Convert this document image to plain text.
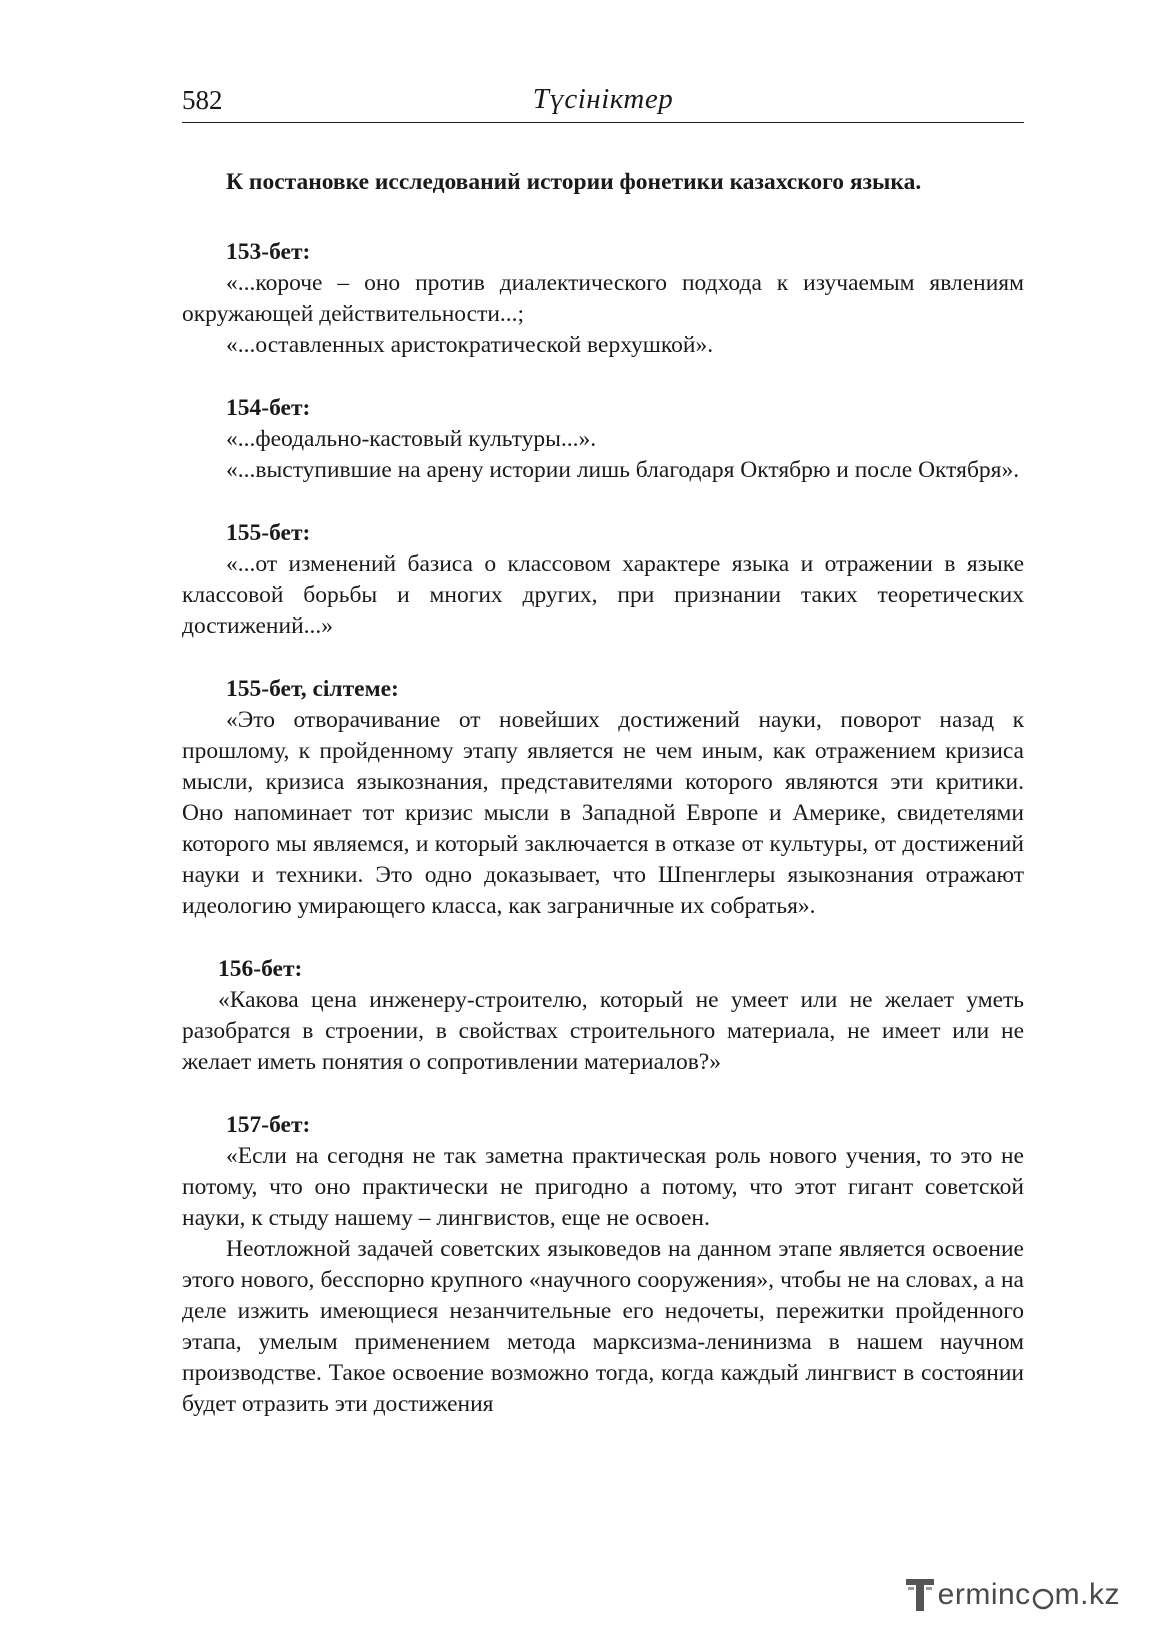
582	Түсініктер
К постановке исследований истории фонетики казахского языка.
153-бет:

«...короче – оно против диалектического подхода к изучаемым явлениям окружающей действительности...;

«...оставленных аристократической верхушкой».

154-бет:

«...феодально-кастовый культуры...».

«...выступившие на арену истории лишь благодаря Октябрю и после Октября».

155-бет:

«...от изменений базиса о классовом характере языка и отражении в языке классовой борьбы и многих других, при признании таких теоретических достижений...»

155-бет, сілтеме:

«Это отворачивание от новейших достижений науки, поворот назад к прошлому, к пройденному этапу является не чем иным, как отражением кризиса мысли, кризиса языкознания, представителями которого являются эти критики. Оно напоминает тот кризис мысли в Западной Европе и Америке, свидетелями которого мы являемся, и который заключается в отказе от культуры, от достижений науки и техники. Это одно доказывает, что Шпенглеры языкознания отражают идеологию умирающего класса, как заграничные их собратья».

156-бет:

«Какова цена инженеру-строителю, который не умеет или не желает уметь разобратся в строении, в свойствах строительного материала, не имеет или не желает иметь понятия о сопротивлении материалов?»

157-бет:

«Если на сегодня не так заметна практическая роль нового учения, то это не потому, что оно практически не пригодно а потому, что этот гигант советской науки, к стыду нашему – лингвистов, еще не освоен.

Неотложной задачей советских языковедов на данном этапе является освоение этого нового, бесспорно крупного «научного сооружения», чтобы не на словах, а на деле изжить имеющиеся незанчительные его недочеты, пережитки пройденного этапа, умелым применением метода марксизма-ленинизма в нашем научном производстве. Такое освоение возможно тогда, когда каждый лингвист в состоянии будет отразить эти достижения

ermin c m.kz
